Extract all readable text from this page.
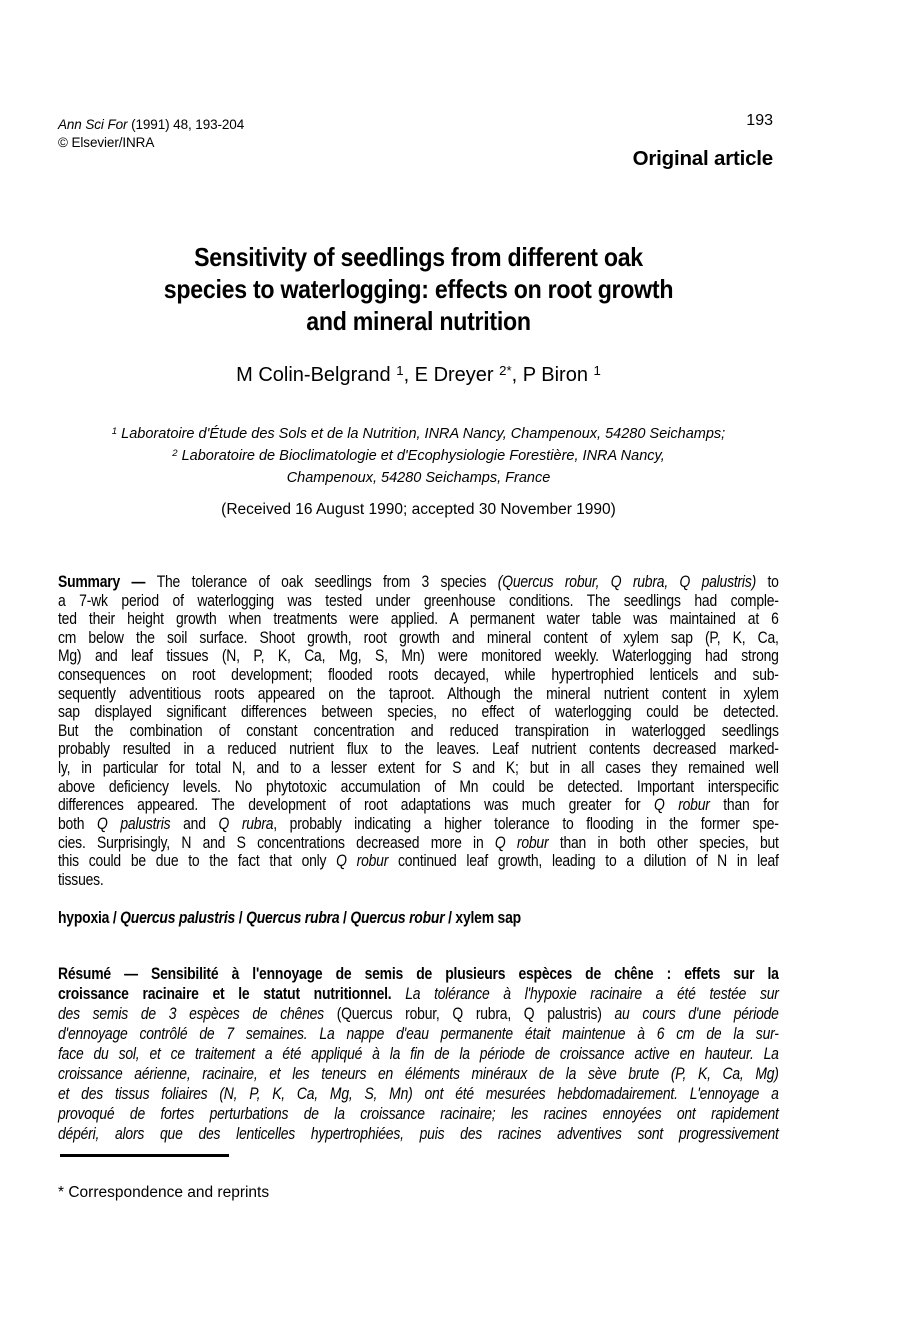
Ann Sci For (1991) 48, 193-204
© Elsevier/INRA
193
Original article
Sensitivity of seedlings from different oak
species to waterlogging: effects on root growth
and mineral nutrition
M Colin-Belgrand $^1$, E Dreyer $^{2*}$, P Biron $^1$
$^1$ Laboratoire d'Étude des Sols et de la Nutrition, INRA Nancy, Champenoux, 54280 Seichamps;
$^2$ Laboratoire de Bioclimatologie et d'Ecophysiologie Forestière, INRA Nancy,
Champenoux, 54280 Seichamps, France
(Received 16 August 1990; accepted 30 November 1990)
Summary — The tolerance of oak seedlings from 3 species (Quercus robur, Q rubra, Q palustris) to
a 7-wk period of waterlogging was tested under greenhouse conditions. The seedlings had comple-
ted their height growth when treatments were applied. A permanent water table was maintained at 6
cm below the soil surface. Shoot growth, root growth and mineral content of xylem sap (P, K, Ca,
Mg) and leaf tissues (N, P, K, Ca, Mg, S, Mn) were monitored weekly. Waterlogging had strong
consequences on root development; flooded roots decayed, while hypertrophied lenticels and sub-
sequently adventitious roots appeared on the taproot. Although the mineral nutrient content in xylem
sap displayed significant differences between species, no effect of waterlogging could be detected.
But the combination of constant concentration and reduced transpiration in waterlogged seedlings
probably resulted in a reduced nutrient flux to the leaves. Leaf nutrient contents decreased marked-
ly, in particular for total N, and to a lesser extent for S and K; but in all cases they remained well
above deficiency levels. No phytotoxic accumulation of Mn could be detected. Important interspecific
differences appeared. The development of root adaptations was much greater for Q robur than for
both Q palustris and Q rubra, probably indicating a higher tolerance to flooding in the former spe-
cies. Surprisingly, N and S concentrations decreased more in Q robur than in both other species, but
this could be due to the fact that only Q robur continued leaf growth, leading to a dilution of N in leaf
tissues.
hypoxia / Quercus palustris / Quercus rubra / Quercus robur / xylem sap
Résumé — Sensibilité à l'ennoyage de semis de plusieurs espèces de chêne : effets sur la
croissance racinaire et le statut nutritionnel. La tolérance à l'hypoxie racinaire a été testée sur
des semis de 3 espèces de chênes (Quercus robur, Q rubra, Q palustris) au cours d'une période
d'ennoyage contrôlé de 7 semaines. La nappe d'eau permanente était maintenue à 6 cm de la sur-
face du sol, et ce traitement a été appliqué à la fin de la période de croissance active en hauteur. La
croissance aérienne, racinaire, et les teneurs en éléments minéraux de la sève brute (P, K, Ca, Mg)
et des tissus foliaires (N, P, K, Ca, Mg, S, Mn) ont été mesurées hebdomadairement. L'ennoyage a
provoqué de fortes perturbations de la croissance racinaire; les racines ennoyées ont rapidement
dépéri, alors que des lenticelles hypertrophiées, puis des racines adventives sont progressivement
* Correspondence and reprints
